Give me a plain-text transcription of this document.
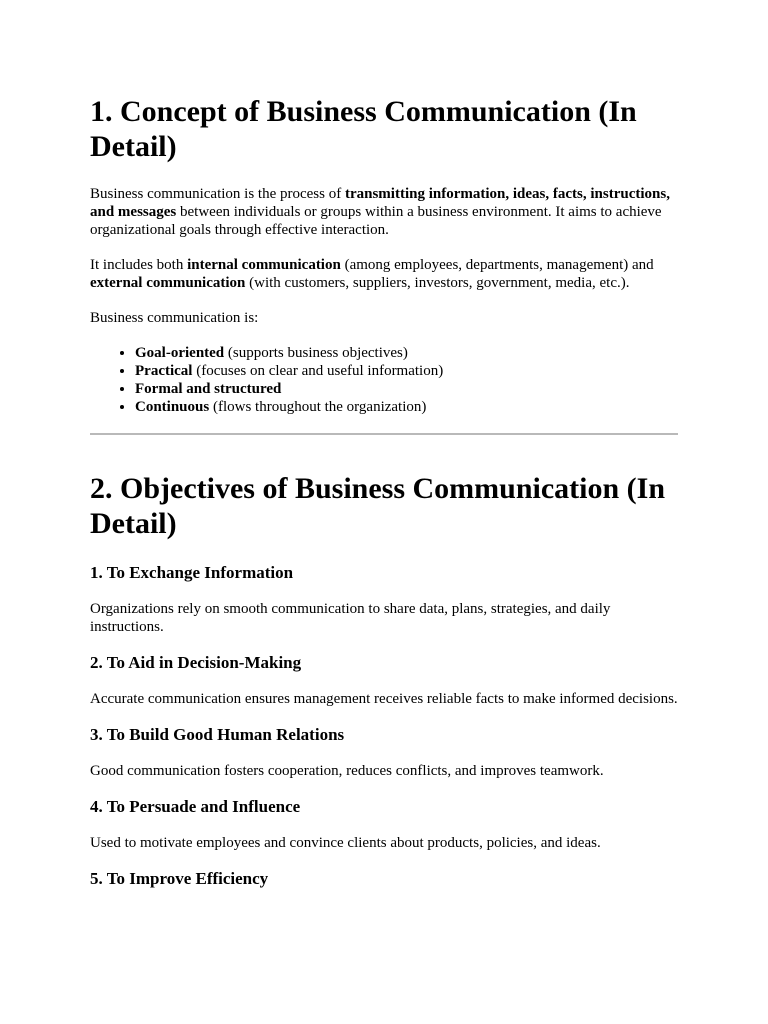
1. Concept of Business Communication (In Detail)

Business communication is the process of transmitting information, ideas, facts, instructions, and messages between individuals or groups within a business environment. It aims to achieve organizational goals through effective interaction.

It includes both internal communication (among employees, departments, management) and external communication (with customers, suppliers, investors, government, media, etc.).

Business communication is:

• Goal-oriented (supports business objectives)
• Practical (focuses on clear and useful information)
• Formal and structured
• Continuous (flows throughout the organization)
2. Objectives of Business Communication (In Detail)
1. To Exchange Information

Organizations rely on smooth communication to share data, plans, strategies, and daily instructions.

2. To Aid in Decision-Making

Accurate communication ensures management receives reliable facts to make informed decisions.

3. To Build Good Human Relations

Good communication fosters cooperation, reduces conflicts, and improves teamwork.

4. To Persuade and Influence

Used to motivate employees and convince clients about products, policies, and ideas.

5. To Improve Efficiency
